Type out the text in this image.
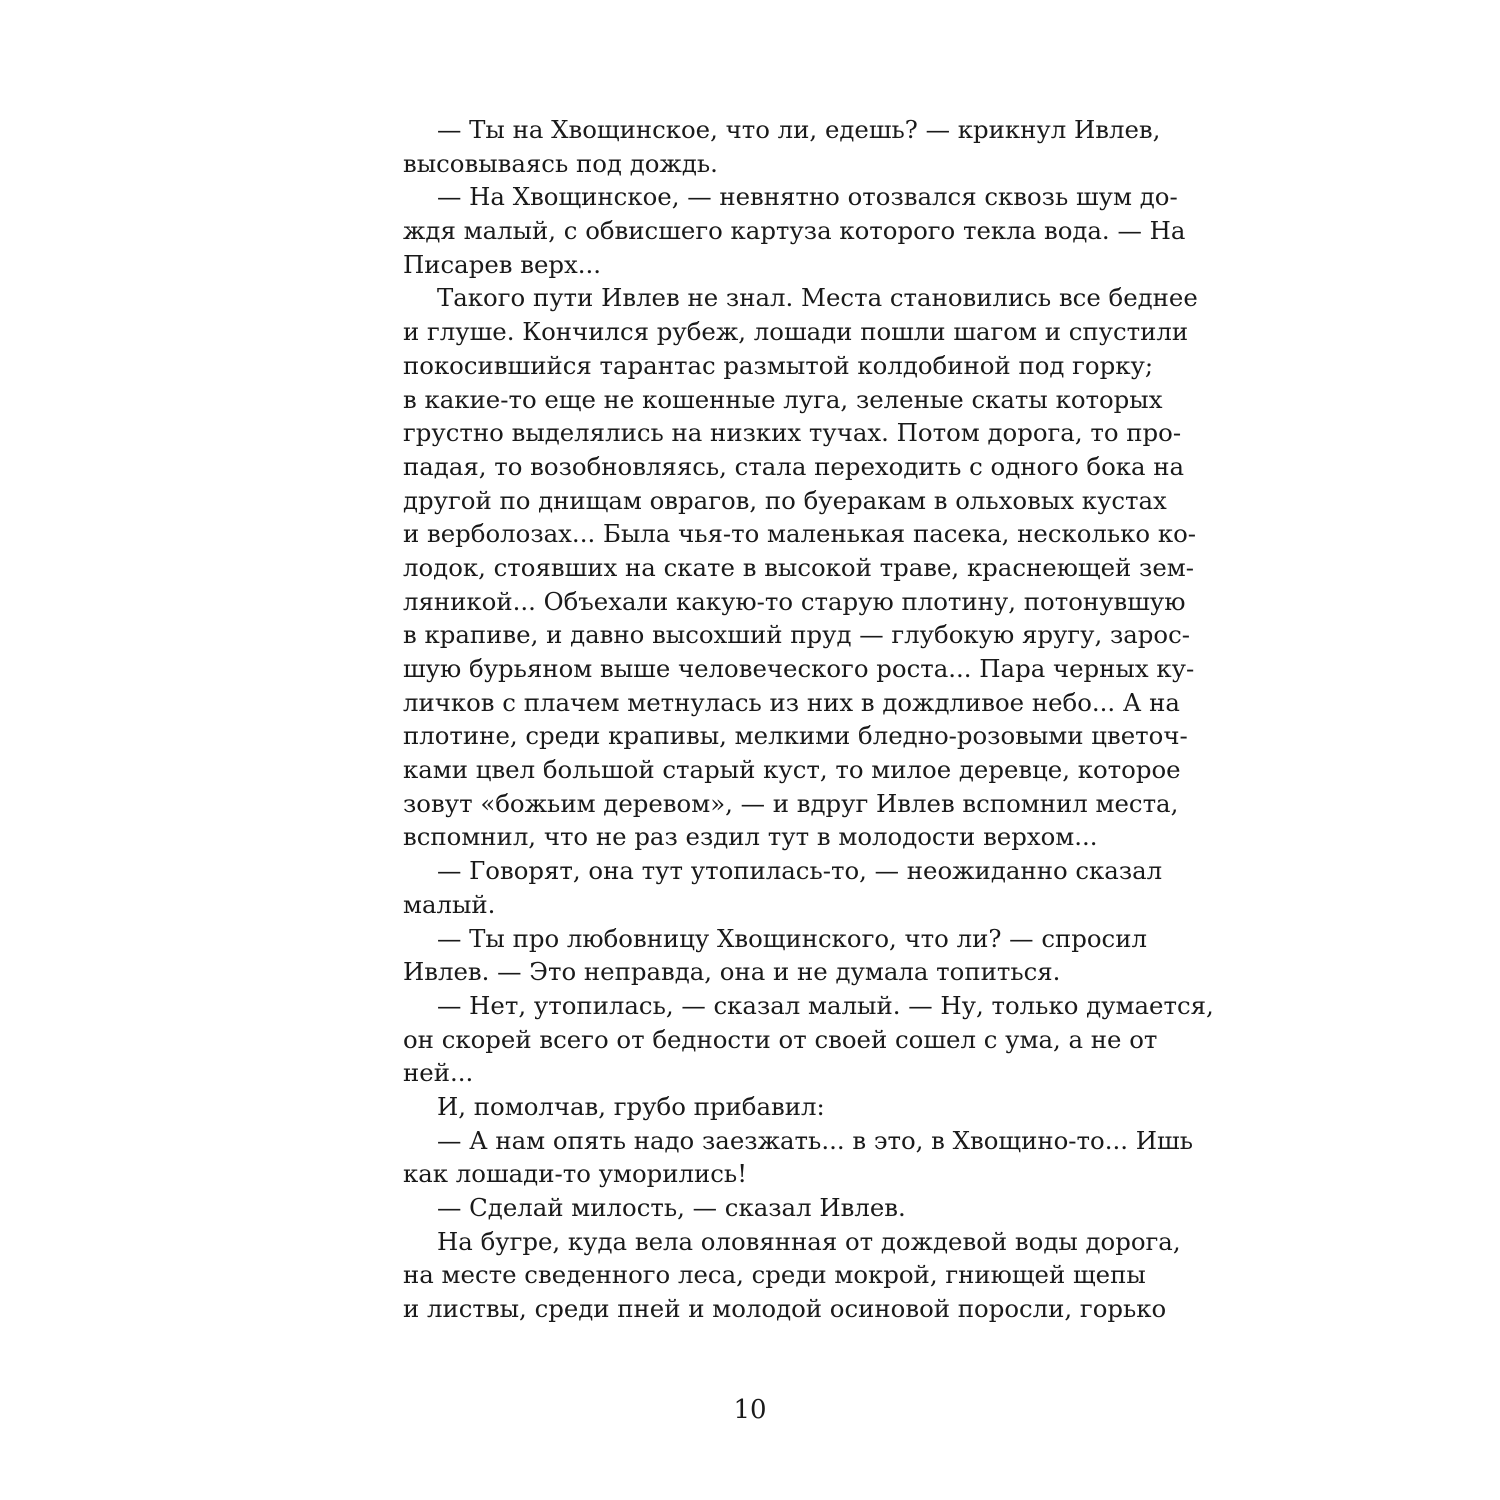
— Ты на Хвощинское, что ли, едешь? — крикнул Ивлев,
высовываясь под дождь.
— На Хвощинское, — невнятно отозвался сквозь шум до-
ждя малый, с обвисшего картуза которого текла вода. — На
Писарев верх...
Такого пути Ивлев не знал. Места становились все беднее
и глуше. Кончился рубеж, лошади пошли шагом и спустили
покосившийся тарантас размытой колдобиной под горку;
в какие-то еще не кошенные луга, зеленые скаты которых
грустно выделялись на низких тучах. Потом дорога, то про-
падая, то возобновляясь, стала переходить с одного бока на
другой по днищам оврагов, по буеракам в ольховых кустах
и верболозах... Была чья-то маленькая пасека, несколько ко-
лодок, стоявших на скате в высокой траве, краснеющей зем-
ляникой... Объехали какую-то старую плотину, потонувшую
в крапиве, и давно высохший пруд — глубокую яругу, зарос-
шую бурьяном выше человеческого роста... Пара черных ку-
личков с плачем метнулась из них в дождливое небо... А на
плотине, среди крапивы, мелкими бледно-розовыми цветоч-
ками цвел большой старый куст, то милое деревце, которое
зовут «божьим деревом», — и вдруг Ивлев вспомнил места,
вспомнил, что не раз ездил тут в молодости верхом...
— Говорят, она тут утопилась-то, — неожиданно сказал
малый.
— Ты про любовницу Хвощинского, что ли? — спросил
Ивлев. — Это неправда, она и не думала топиться.
— Нет, утопилась, — сказал малый. — Ну, только думается,
он скорей всего от бедности от своей сошел с ума, а не от
ней...
И, помолчав, грубо прибавил:
— А нам опять надо заезжать... в это, в Хвощино-то... Ишь
как лошади-то уморились!
— Сделай милость, — сказал Ивлев.
На бугре, куда вела оловянная от дождевой воды дорога,
на месте сведенного леса, среди мокрой, гниющей щепы
и листвы, среди пней и молодой осиновой поросли, горько
10
